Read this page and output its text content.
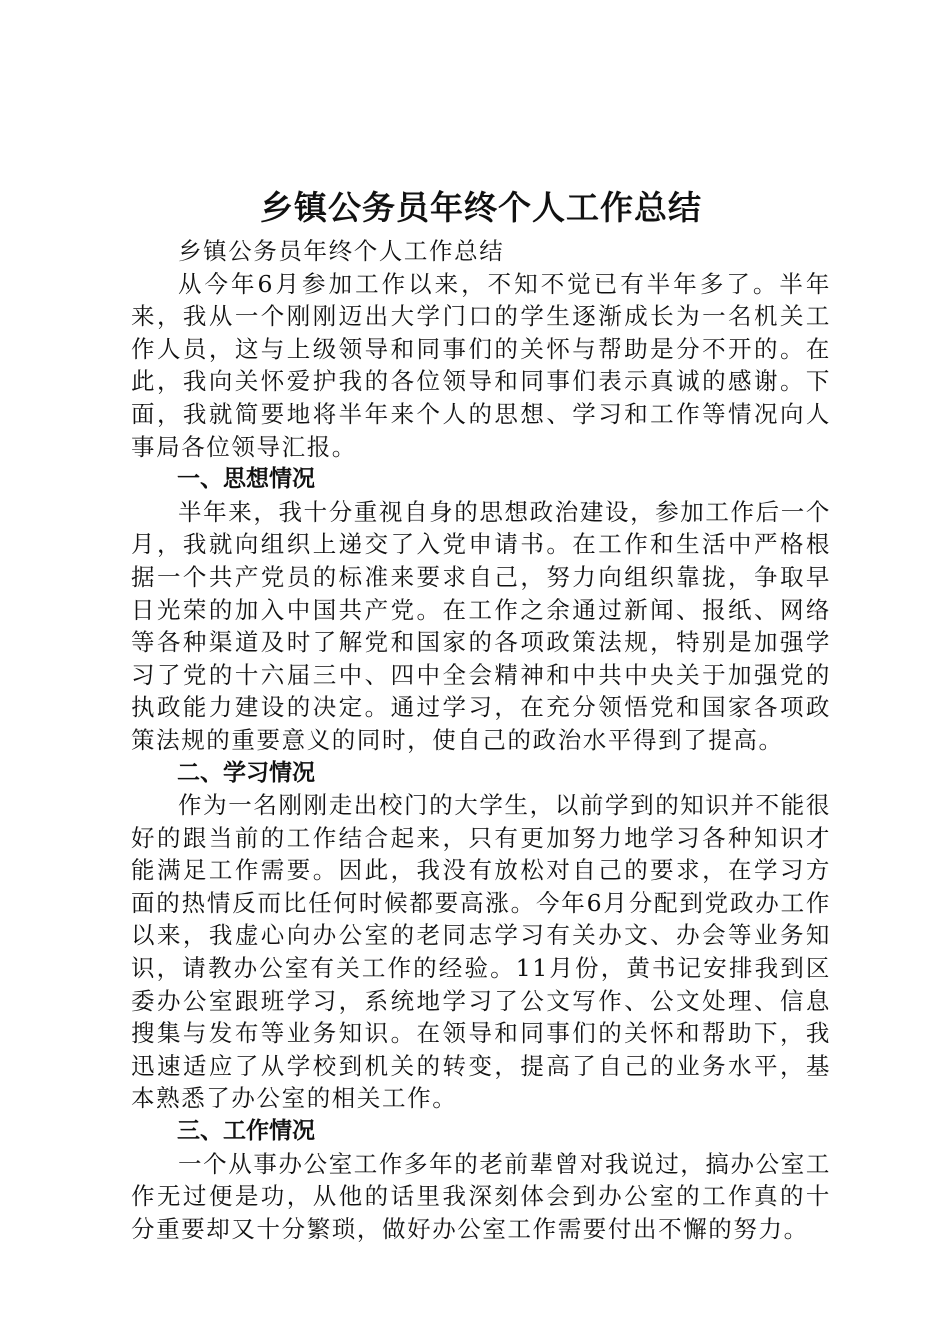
乡镇公务员年终个人工作总结

乡镇公务员年终个人工作总结

从今年6月参加工作以来，不知不觉已有半年多了。半年来，我从一个刚刚迈出大学门口的学生逐渐成长为一名机关工作人员，这与上级领导和同事们的关怀与帮助是分不开的。在此，我向关怀爱护我的各位领导和同事们表示真诚的感谢。下面，我就简要地将半年来个人的思想、学习和工作等情况向人事局各位领导汇报。

一、思想情况

半年来，我十分重视自身的思想政治建设，参加工作后一个月，我就向组织上递交了入党申请书。在工作和生活中严格根据一个共产党员的标准来要求自己，努力向组织靠拢，争取早日光荣的加入中国共产党。在工作之余通过新闻、报纸、网络等各种渠道及时了解党和国家的各项政策法规，特别是加强学习了党的十六届三中、四中全会精神和中共中央关于加强党的执政能力建设的决定。通过学习，在充分领悟党和国家各项政策法规的重要意义的同时，使自己的政治水平得到了提高。

二、学习情况

作为一名刚刚走出校门的大学生，以前学到的知识并不能很好的跟当前的工作结合起来，只有更加努力地学习各种知识才能满足工作需要。因此，我没有放松对自己的要求，在学习方面的热情反而比任何时候都要高涨。今年6月分配到党政办工作以来，我虚心向办公室的老同志学习有关办文、办会等业务知识，请教办公室有关工作的经验。11月份，黄书记安排我到区委办公室跟班学习，系统地学习了公文写作、公文处理、信息搜集与发布等业务知识。在领导和同事们的关怀和帮助下，我迅速适应了从学校到机关的转变，提高了自己的业务水平，基本熟悉了办公室的相关工作。

三、工作情况

一个从事办公室工作多年的老前辈曾对我说过，搞办公室工作无过便是功，从他的话里我深刻体会到办公室的工作真的十分重要却又十分繁琐，做好办公室工作需要付出不懈的努力。
